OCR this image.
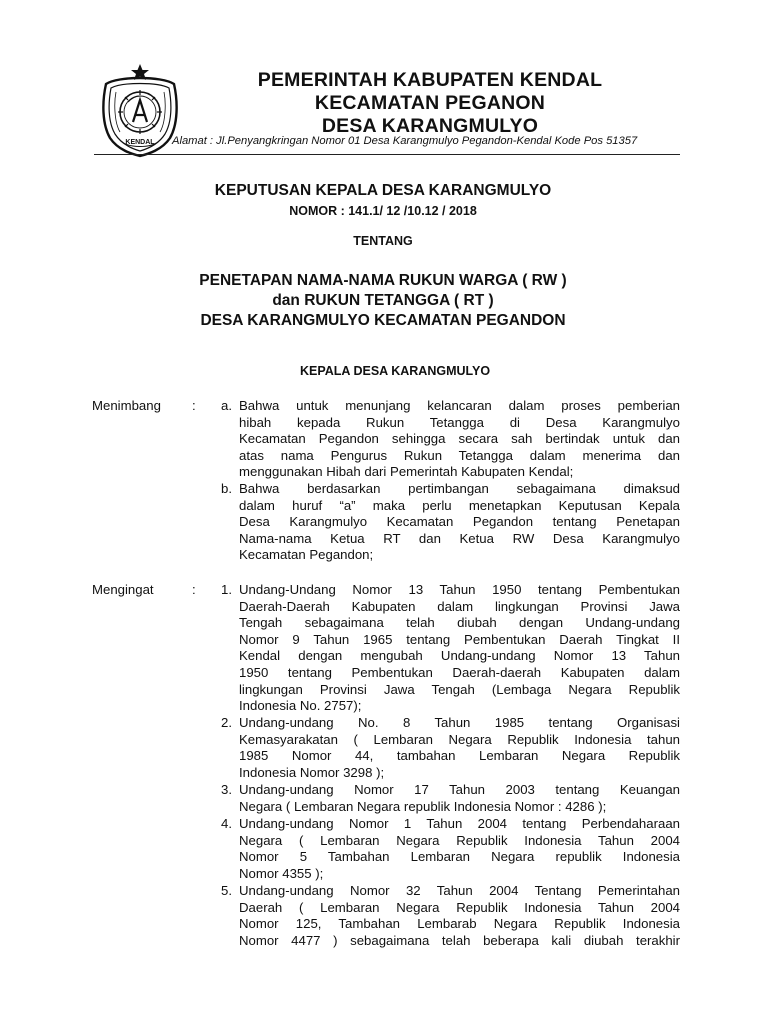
KENDAL
PEMERINTAH KABUPATEN KENDAL
KECAMATAN PEGANON
DESA KARANGMULYO
Alamat : Jl.Penyangkringan Nomor 01 Desa Karangmulyo Pegandon-Kendal Kode Pos 51357
KEPUTUSAN KEPALA DESA KARANGMULYO
NOMOR : 141.1/ 12 /10.12 / 2018
TENTANG
PENETAPAN NAMA-NAMA RUKUN WARGA ( RW )
dan RUKUN TETANGGA ( RT )
DESA KARANGMULYO KECAMATAN PEGANDON
KEPALA DESA KARANGMULYO
Menimbang :	a. Bahwa untuk menunjang kelancaran dalam proses pemberian
hibah kepada Rukun Tetangga di Desa Karangmulyo
Kecamatan Pegandon sehingga secara sah bertindak untuk dan
atas nama Pengurus Rukun Tetangga dalam menerima dan
menggunakan Hibah dari Pemerintah Kabupaten Kendal;
b. Bahwa berdasarkan pertimbangan sebagaimana dimaksud
dalam huruf “a” maka perlu menetapkan Keputusan Kepala
Desa Karangmulyo Kecamatan Pegandon tentang Penetapan
Nama-nama Ketua RT dan Ketua RW Desa Karangmulyo
Kecamatan Pegandon;
Mengingat	:	1. Undang-Undang Nomor 13 Tahun 1950 tentang Pembentukan
Daerah-Daerah Kabupaten dalam lingkungan Provinsi Jawa
Tengah sebagaimana telah diubah dengan Undang-undang
Nomor 9 Tahun 1965 tentang Pembentukan Daerah Tingkat II
Kendal dengan mengubah Undang-undang Nomor 13 Tahun
1950 tentang Pembentukan Daerah-daerah Kabupaten dalam
lingkungan Provinsi Jawa Tengah (Lembaga Negara Republik
Indonesia No. 2757);
2. Undang-undang No. 8 Tahun 1985 tentang Organisasi
Kemasyarakatan ( Lembaran Negara Republik Indonesia tahun
1985 Nomor 44, tambahan Lembaran Negara Republik
Indonesia Nomor 3298 );
3. Undang-undang Nomor 17 Tahun 2003 tentang Keuangan
Negara ( Lembaran Negara republik Indonesia Nomor : 4286 );
4. Undang-undang Nomor 1 Tahun 2004 tentang Perbendaharaan
Negara ( Lembaran Negara Republik Indonesia Tahun 2004
Nomor 5 Tambahan Lembaran Negara republik Indonesia
Nomor 4355 );
5. Undang-undang Nomor 32 Tahun 2004 Tentang Pemerintahan
Daerah ( Lembaran Negara Republik Indonesia Tahun 2004
Nomor 125, Tambahan Lembarab Negara Republik Indonesia
Nomor 4477 ) sebagaimana telah beberapa kali diubah terakhir
